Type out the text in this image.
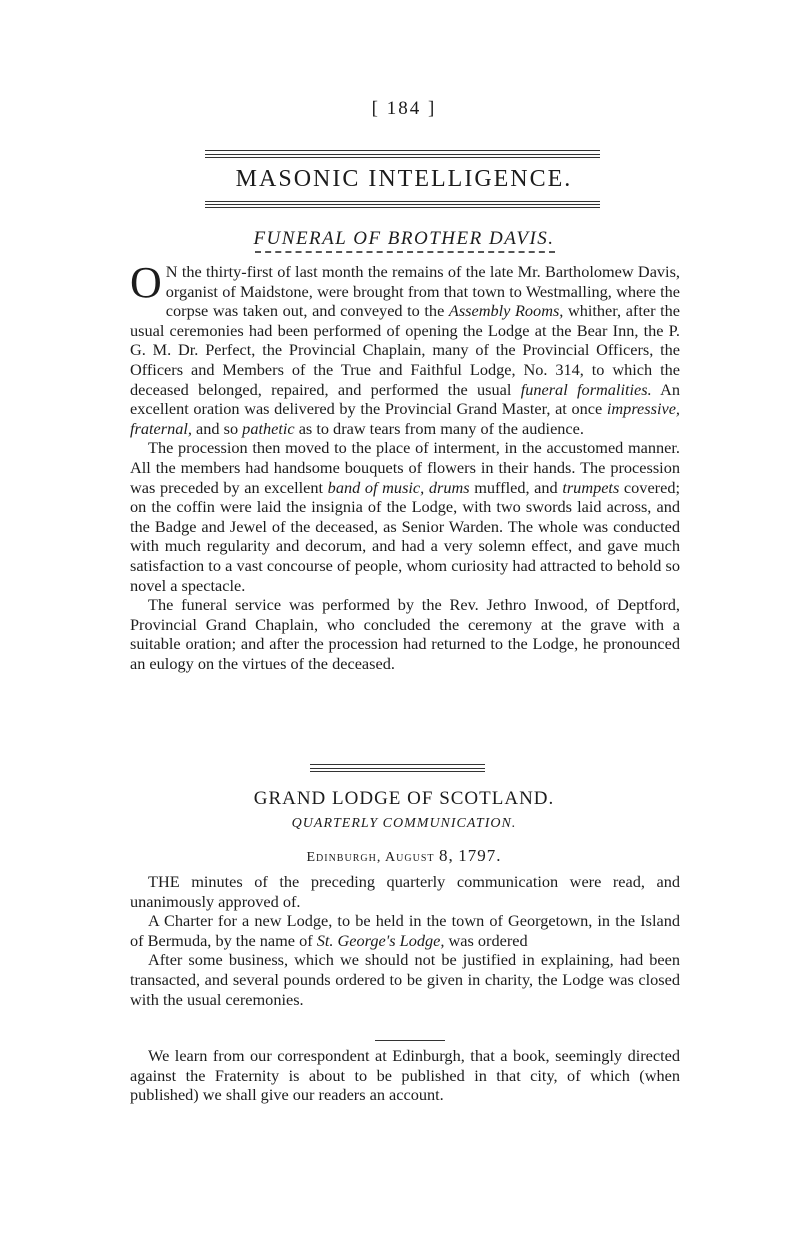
[ 184 ]
MASONIC INTELLIGENCE.
FUNERAL OF BROTHER DAVIS.

O N the thirty-first of last month the remains of the late Mr. Bartholomew Davis, organist of Maidstone, were brought from that town to Westmalling, where the corpse was taken out, and conveyed to the Assembly Rooms, whither, after the usual ceremonies had been performed of opening the Lodge at the Bear Inn, the P. G. M. Dr. Perfect, the Provincial Chaplain, many of the Provincial Officers, the Officers and Members of the True and Faithful Lodge, No. 314, to which the deceased belonged, repaired, and performed the usual funeral formalities. An excellent oration was delivered by the Provincial Grand Master, at once impressive, fraternal, and so pathetic as to draw tears from many of the audience.

The procession then moved to the place of interment, in the accustomed manner. All the members had handsome bouquets of flowers in their hands. The procession was preceded by an excellent band of music, drums muffled, and trumpets covered; on the coffin were laid the insignia of the Lodge, with two swords laid across, and the Badge and Jewel of the deceased, as Senior Warden. The whole was conducted with much regularity and decorum, and had a very solemn effect, and gave much satisfaction to a vast concourse of people, whom curiosity had attracted to behold so novel a spectacle.

The funeral service was performed by the Rev. Jethro Inwood, of Deptford, Provincial Grand Chaplain, who concluded the ceremony at the grave with a suitable oration; and after the procession had returned to the Lodge, he pronounced an eulogy on the virtues of the deceased.

GRAND LODGE OF SCOTLAND.
QUARTERLY COMMUNICATION.
Edinburgh, August 8, 1797.

THE minutes of the preceding quarterly communication were read, and unanimously approved of.

A Charter for a new Lodge, to be held in the town of Georgetown, in the Island of Bermuda, by the name of St. George's Lodge, was ordered

After some business, which we should not be justified in explaining, had been transacted, and several pounds ordered to be given in charity, the Lodge was closed with the usual ceremonies.

We learn from our correspondent at Edinburgh, that a book, seemingly directed against the Fraternity is about to be published in that city, of which (when published) we shall give our readers an account.
